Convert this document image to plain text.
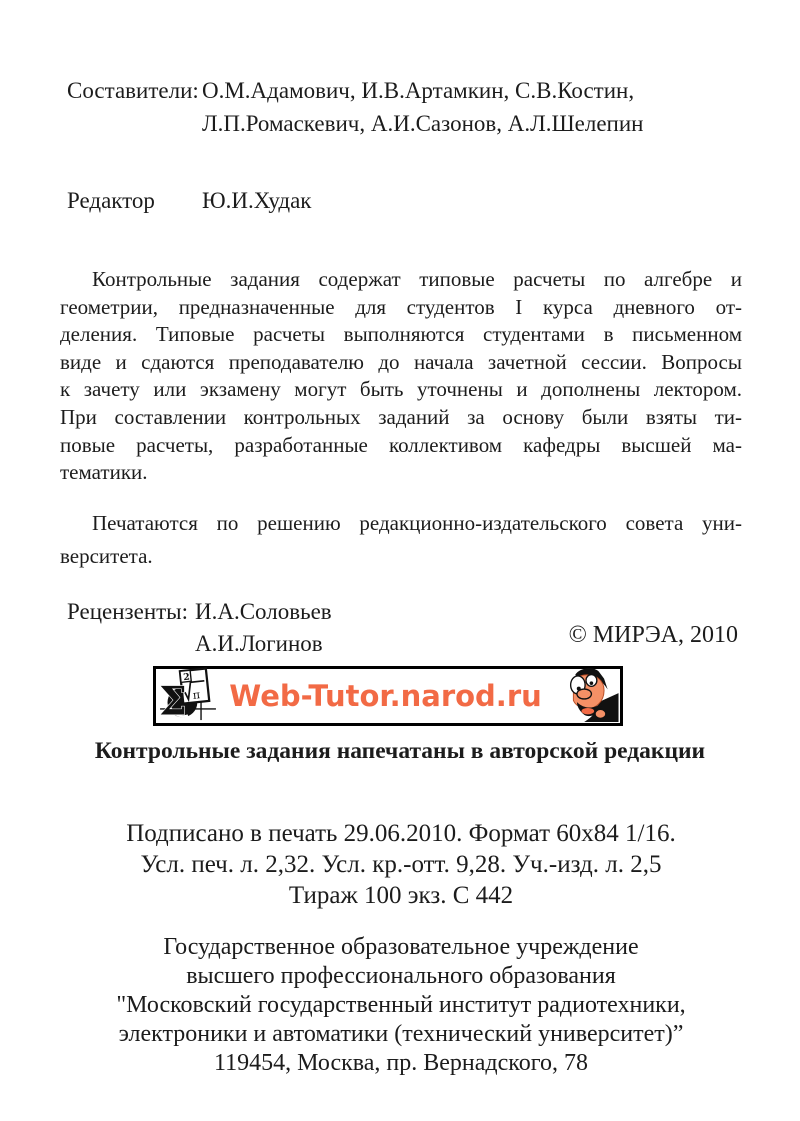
Составители: О.М.Адамович, И.В.Артамкин, С.В.Костин,
Л.П.Ромаскевич, А.И.Сазонов, А.Л.Шелепин
Редактор	Ю.И.Худак
Контрольные задания содержат типовые расчеты по алгебре и
геометрии, предназначенные для студентов I курса дневного от-
деления. Типовые расчеты выполняются студентами в письменном
виде и сдаются преподавателю до начала зачетной сессии. Вопросы
к зачету или экзамену могут быть уточнены и дополнены лектором.
При составлении контрольных заданий за основу были взяты ти-
повые расчеты, разработанные коллективом кафедры высшей ма-
тематики.
Печатаются по решению редакционно-издательского совета уни-
верситета.
Рецензенты: И.А.Соловьев
А.И.Логинов	© МИРЭА, 2010
2
π
Σ	Web-Tutor.narod.ru
Контрольные задания напечатаны в авторской редакции
Подписано в печать 29.06.2010. Формат 60х84 1/16.
Усл. печ. л. 2,32. Усл. кр.-отт. 9,28. Уч.-изд. л. 2,5
Тираж 100 экз. С 442
Государственное образовательное учреждение
высшего профессионального образования
"Московский государственный институт радиотехники,
электроники и автоматики (технический университет)”
119454, Москва, пр. Вернадского, 78
